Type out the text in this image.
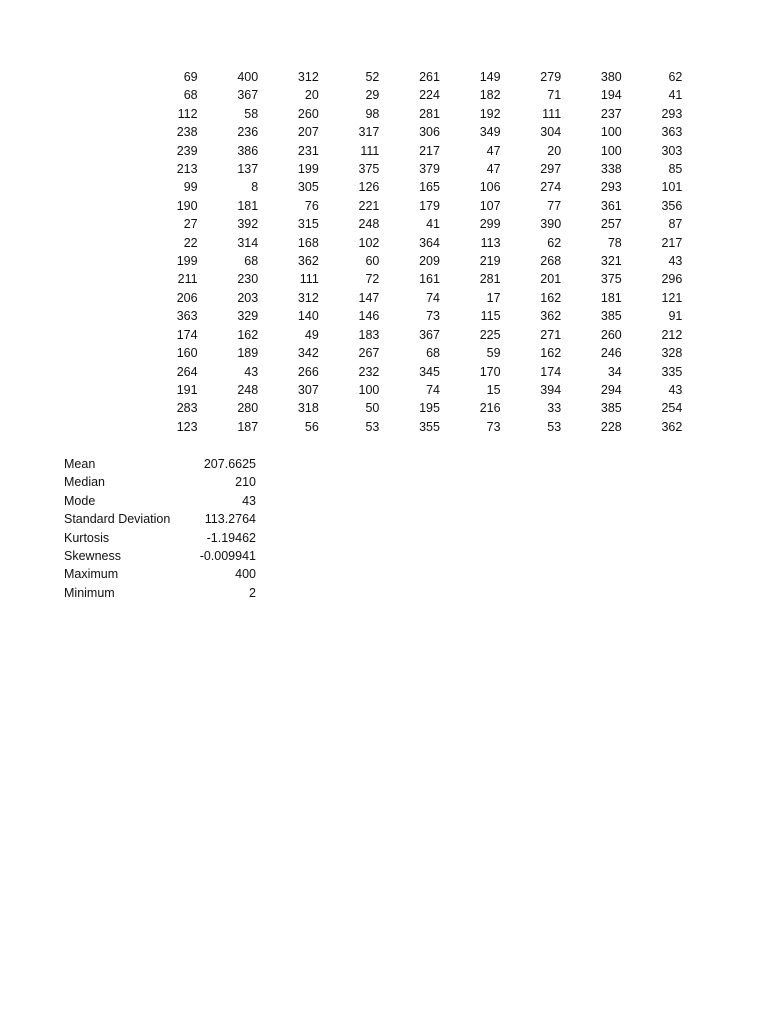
69	400	312	52	261	149	279	380	62
68	367	20	29	224	182	71	194	41
112	58	260	98	281	192	111	237	293
238	236	207	317	306	349	304	100	363
239	386	231	111	217	47	20	100	303
213	137	199	375	379	47	297	338	85
99	8	305	126	165	106	274	293	101
190	181	76	221	179	107	77	361	356
27	392	315	248	41	299	390	257	87
22	314	168	102	364	113	62	78	217
199	68	362	60	209	219	268	321	43
211	230	111	72	161	281	201	375	296
206	203	312	147	74	17	162	181	121
363	329	140	146	73	115	362	385	91
174	162	49	183	367	225	271	260	212
160	189	342	267	68	59	162	246	328
264	43	266	232	345	170	174	34	335
191	248	307	100	74	15	394	294	43
283	280	318	50	195	216	33	385	254
123	187	56	53	355	73	53	228	362
Mean	207.6625
Median	210
Mode	43
Standard Deviation	113.2764
Kurtosis	-1.19462
Skewness	-0.009941
Maximum	400
Minimum	2
